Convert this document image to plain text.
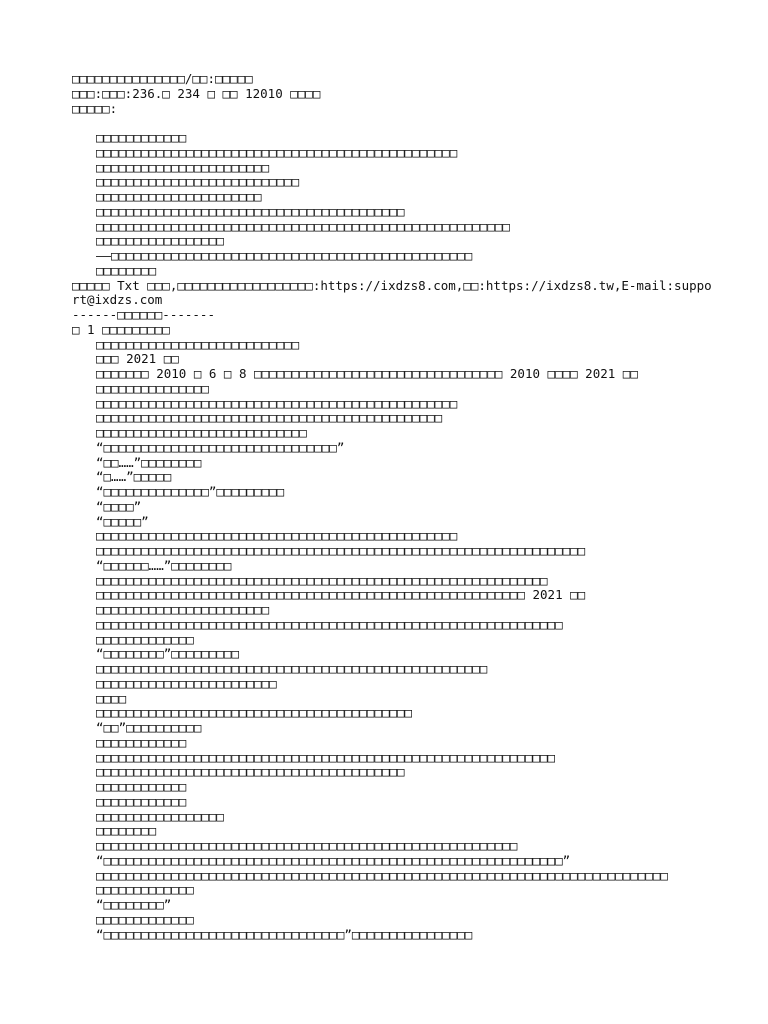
□□□□□□□□□□□□□□□/□□:□□□□□
□□□:□□□:236.□ 234 □ □□ 12010 □□□□
□□□□□:
□□□□□□□□□□□□
□□□□□□□□□□□□□□□□□□□□□□□□□□□□□□□□□□□□□□□□□□□□□□□□
□□□□□□□□□□□□□□□□□□□□□□□
□□□□□□□□□□□□□□□□□□□□□□□□□□□
□□□□□□□□□□□□□□□□□□□□□□
□□□□□□□□□□□□□□□□□□□□□□□□□□□□□□□□□□□□□□□□□
□□□□□□□□□□□□□□□□□□□□□□□□□□□□□□□□□□□□□□□□□□□□□□□□□□□□□□□
□□□□□□□□□□□□□□□□□
——□□□□□□□□□□□□□□□□□□□□□□□□□□□□□□□□□□□□□□□□□□□□□□□□
□□□□□□□□
□□□□□ Txt □□□,□□□□□□□□□□□□□□□□□□:https://ixdzs8.com,□□:https://ixdzs8.tw,E-mail:support@ixdzs.com
------□□□□□□-------
□ 1 □□□□□□□□□
□□□□□□□□□□□□□□□□□□□□□□□□□□□
□□□ 2021 □□
□□□□□□□ 2010 □ 6 □ 8 □□□□□□□□□□□□□□□□□□□□□□□□□□□□□□□□□ 2010 □□□□ 2021 □□
□□□□□□□□□□□□□□□
□□□□□□□□□□□□□□□□□□□□□□□□□□□□□□□□□□□□□□□□□□□□□□□□
□□□□□□□□□□□□□□□□□□□□□□□□□□□□□□□□□□□□□□□□□□□□□□
□□□□□□□□□□□□□□□□□□□□□□□□□□□□
“□□□□□□□□□□□□□□□□□□□□□□□□□□□□□□□”
“□□……”□□□□□□□□
“□……”□□□□□
“□□□□□□□□□□□□□□”□□□□□□□□□
“□□□□”
“□□□□□”
□□□□□□□□□□□□□□□□□□□□□□□□□□□□□□□□□□□□□□□□□□□□□□□□
□□□□□□□□□□□□□□□□□□□□□□□□□□□□□□□□□□□□□□□□□□□□□□□□□□□□□□□□□□□□□□□□□
“□□□□□□……”□□□□□□□□
□□□□□□□□□□□□□□□□□□□□□□□□□□□□□□□□□□□□□□□□□□□□□□□□□□□□□□□□□□□□
□□□□□□□□□□□□□□□□□□□□□□□□□□□□□□□□□□□□□□□□□□□□□□□□□□□□□□□□□ 2021 □□
□□□□□□□□□□□□□□□□□□□□□□□
□□□□□□□□□□□□□□□□□□□□□□□□□□□□□□□□□□□□□□□□□□□□□□□□□□□□□□□□□□□□□□
□□□□□□□□□□□□□
“□□□□□□□□”□□□□□□□□□
□□□□□□□□□□□□□□□□□□□□□□□□□□□□□□□□□□□□□□□□□□□□□□□□□□□□
□□□□□□□□□□□□□□□□□□□□□□□□
□□□□
□□□□□□□□□□□□□□□□□□□□□□□□□□□□□□□□□□□□□□□□□□
“□□”□□□□□□□□□□
□□□□□□□□□□□□
□□□□□□□□□□□□□□□□□□□□□□□□□□□□□□□□□□□□□□□□□□□□□□□□□□□□□□□□□□□□□
□□□□□□□□□□□□□□□□□□□□□□□□□□□□□□□□□□□□□□□□□
□□□□□□□□□□□□
□□□□□□□□□□□□
□□□□□□□□□□□□□□□□□
□□□□□□□□
□□□□□□□□□□□□□□□□□□□□□□□□□□□□□□□□□□□□□□□□□□□□□□□□□□□□□□□□
“□□□□□□□□□□□□□□□□□□□□□□□□□□□□□□□□□□□□□□□□□□□□□□□□□□□□□□□□□□□□□”
□□□□□□□□□□□□□□□□□□□□□□□□□□□□□□□□□□□□□□□□□□□□□□□□□□□□□□□□□□□□□□□□□□□□□□□□□□□□
□□□□□□□□□□□□□
“□□□□□□□□”
□□□□□□□□□□□□□
“□□□□□□□□□□□□□□□□□□□□□□□□□□□□□□□□”□□□□□□□□□□□□□□□□
